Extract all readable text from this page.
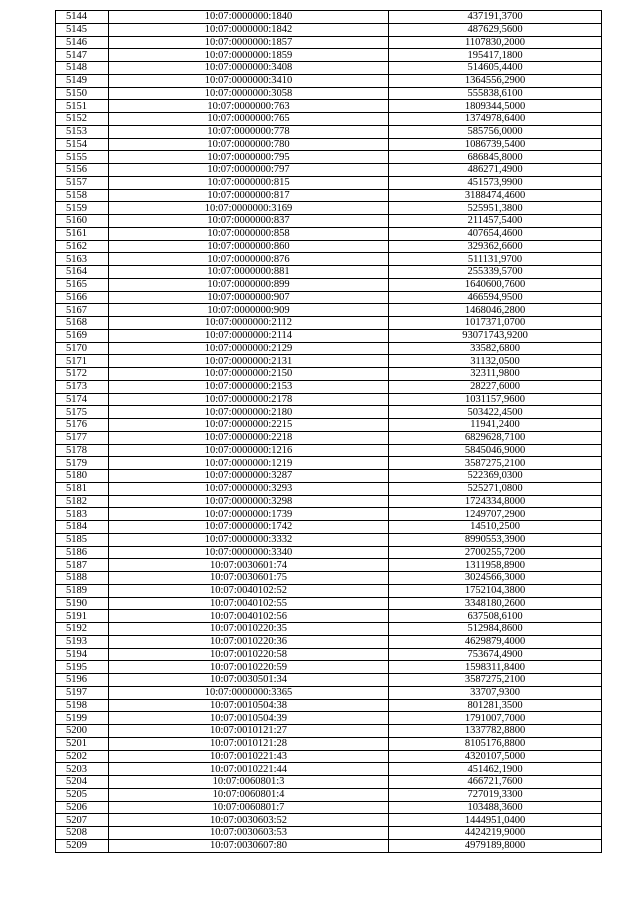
5144	10:07:0000000:1840	437191,3700
5145	10:07:0000000:1842	487629,5600
5146	10:07:0000000:1857	1107830,2000
5147	10:07:0000000:1859	195417,1800
5148	10:07:0000000:3408	514605,4400
5149	10:07:0000000:3410	1364556,2900
5150	10:07:0000000:3058	555838,6100
5151	10:07:0000000:763	1809344,5000
5152	10:07:0000000:765	1374978,6400
5153	10:07:0000000:778	585756,0000
5154	10:07:0000000:780	1086739,5400
5155	10:07:0000000:795	686845,8000
5156	10:07:0000000:797	486271,4900
5157	10:07:0000000:815	451573,9900
5158	10:07:0000000:817	3188474,4600
5159	10:07:0000000:3169	525951,3800
5160	10:07:0000000:837	211457,5400
5161	10:07:0000000:858	407654,4600
5162	10:07:0000000:860	329362,6600
5163	10:07:0000000:876	511131,9700
5164	10:07:0000000:881	255339,5700
5165	10:07:0000000:899	1640600,7600
5166	10:07:0000000:907	466594,9500
5167	10:07:0000000:909	1468046,2800
5168	10:07:0000000:2112	1017371,0700
5169	10:07:0000000:2114	93071743,9200
5170	10:07:0000000:2129	33582,6800
5171	10:07:0000000:2131	31132,0500
5172	10:07:0000000:2150	32311,9800
5173	10:07:0000000:2153	28227,6000
5174	10:07:0000000:2178	1031157,9600
5175	10:07:0000000:2180	503422,4500
5176	10:07:0000000:2215	11941,2400
5177	10:07:0000000:2218	6829628,7100
5178	10:07:0000000:1216	5845046,9000
5179	10:07:0000000:1219	3587275,2100
5180	10:07:0000000:3287	522369,0300
5181	10:07:0000000:3293	525271,0800
5182	10:07:0000000:3298	1724334,8000
5183	10:07:0000000:1739	1249707,2900
5184	10:07:0000000:1742	14510,2500
5185	10:07:0000000:3332	8990553,3900
5186	10:07:0000000:3340	2700255,7200
5187	10:07:0030601:74	1311958,8900
5188	10:07:0030601:75	3024566,3000
5189	10:07:0040102:52	1752104,3800
5190	10:07:0040102:55	3348180,2600
5191	10:07:0040102:56	637508,6100
5192	10:07:0010220:35	512984,8600
5193	10:07:0010220:36	4629879,4000
5194	10:07:0010220:58	753674,4900
5195	10:07:0010220:59	1598311,8400
5196	10:07:0030501:34	3587275,2100
5197	10:07:0000000:3365	33707,9300
5198	10:07:0010504:38	801281,3500
5199	10:07:0010504:39	1791007,7000
5200	10:07:0010121:27	1337782,8800
5201	10:07:0010121:28	8105176,8800
5202	10:07:0010221:43	4320107,5000
5203	10:07:0010221:44	451462,1900
5204	10:07:0060801:3	466721,7600
5205	10:07:0060801:4	727019,3300
5206	10:07:0060801:7	103488,3600
5207	10:07:0030603:52	1444951,0400
5208	10:07:0030603:53	4424219,9000
5209	10:07:0030607:80	4979189,8000
